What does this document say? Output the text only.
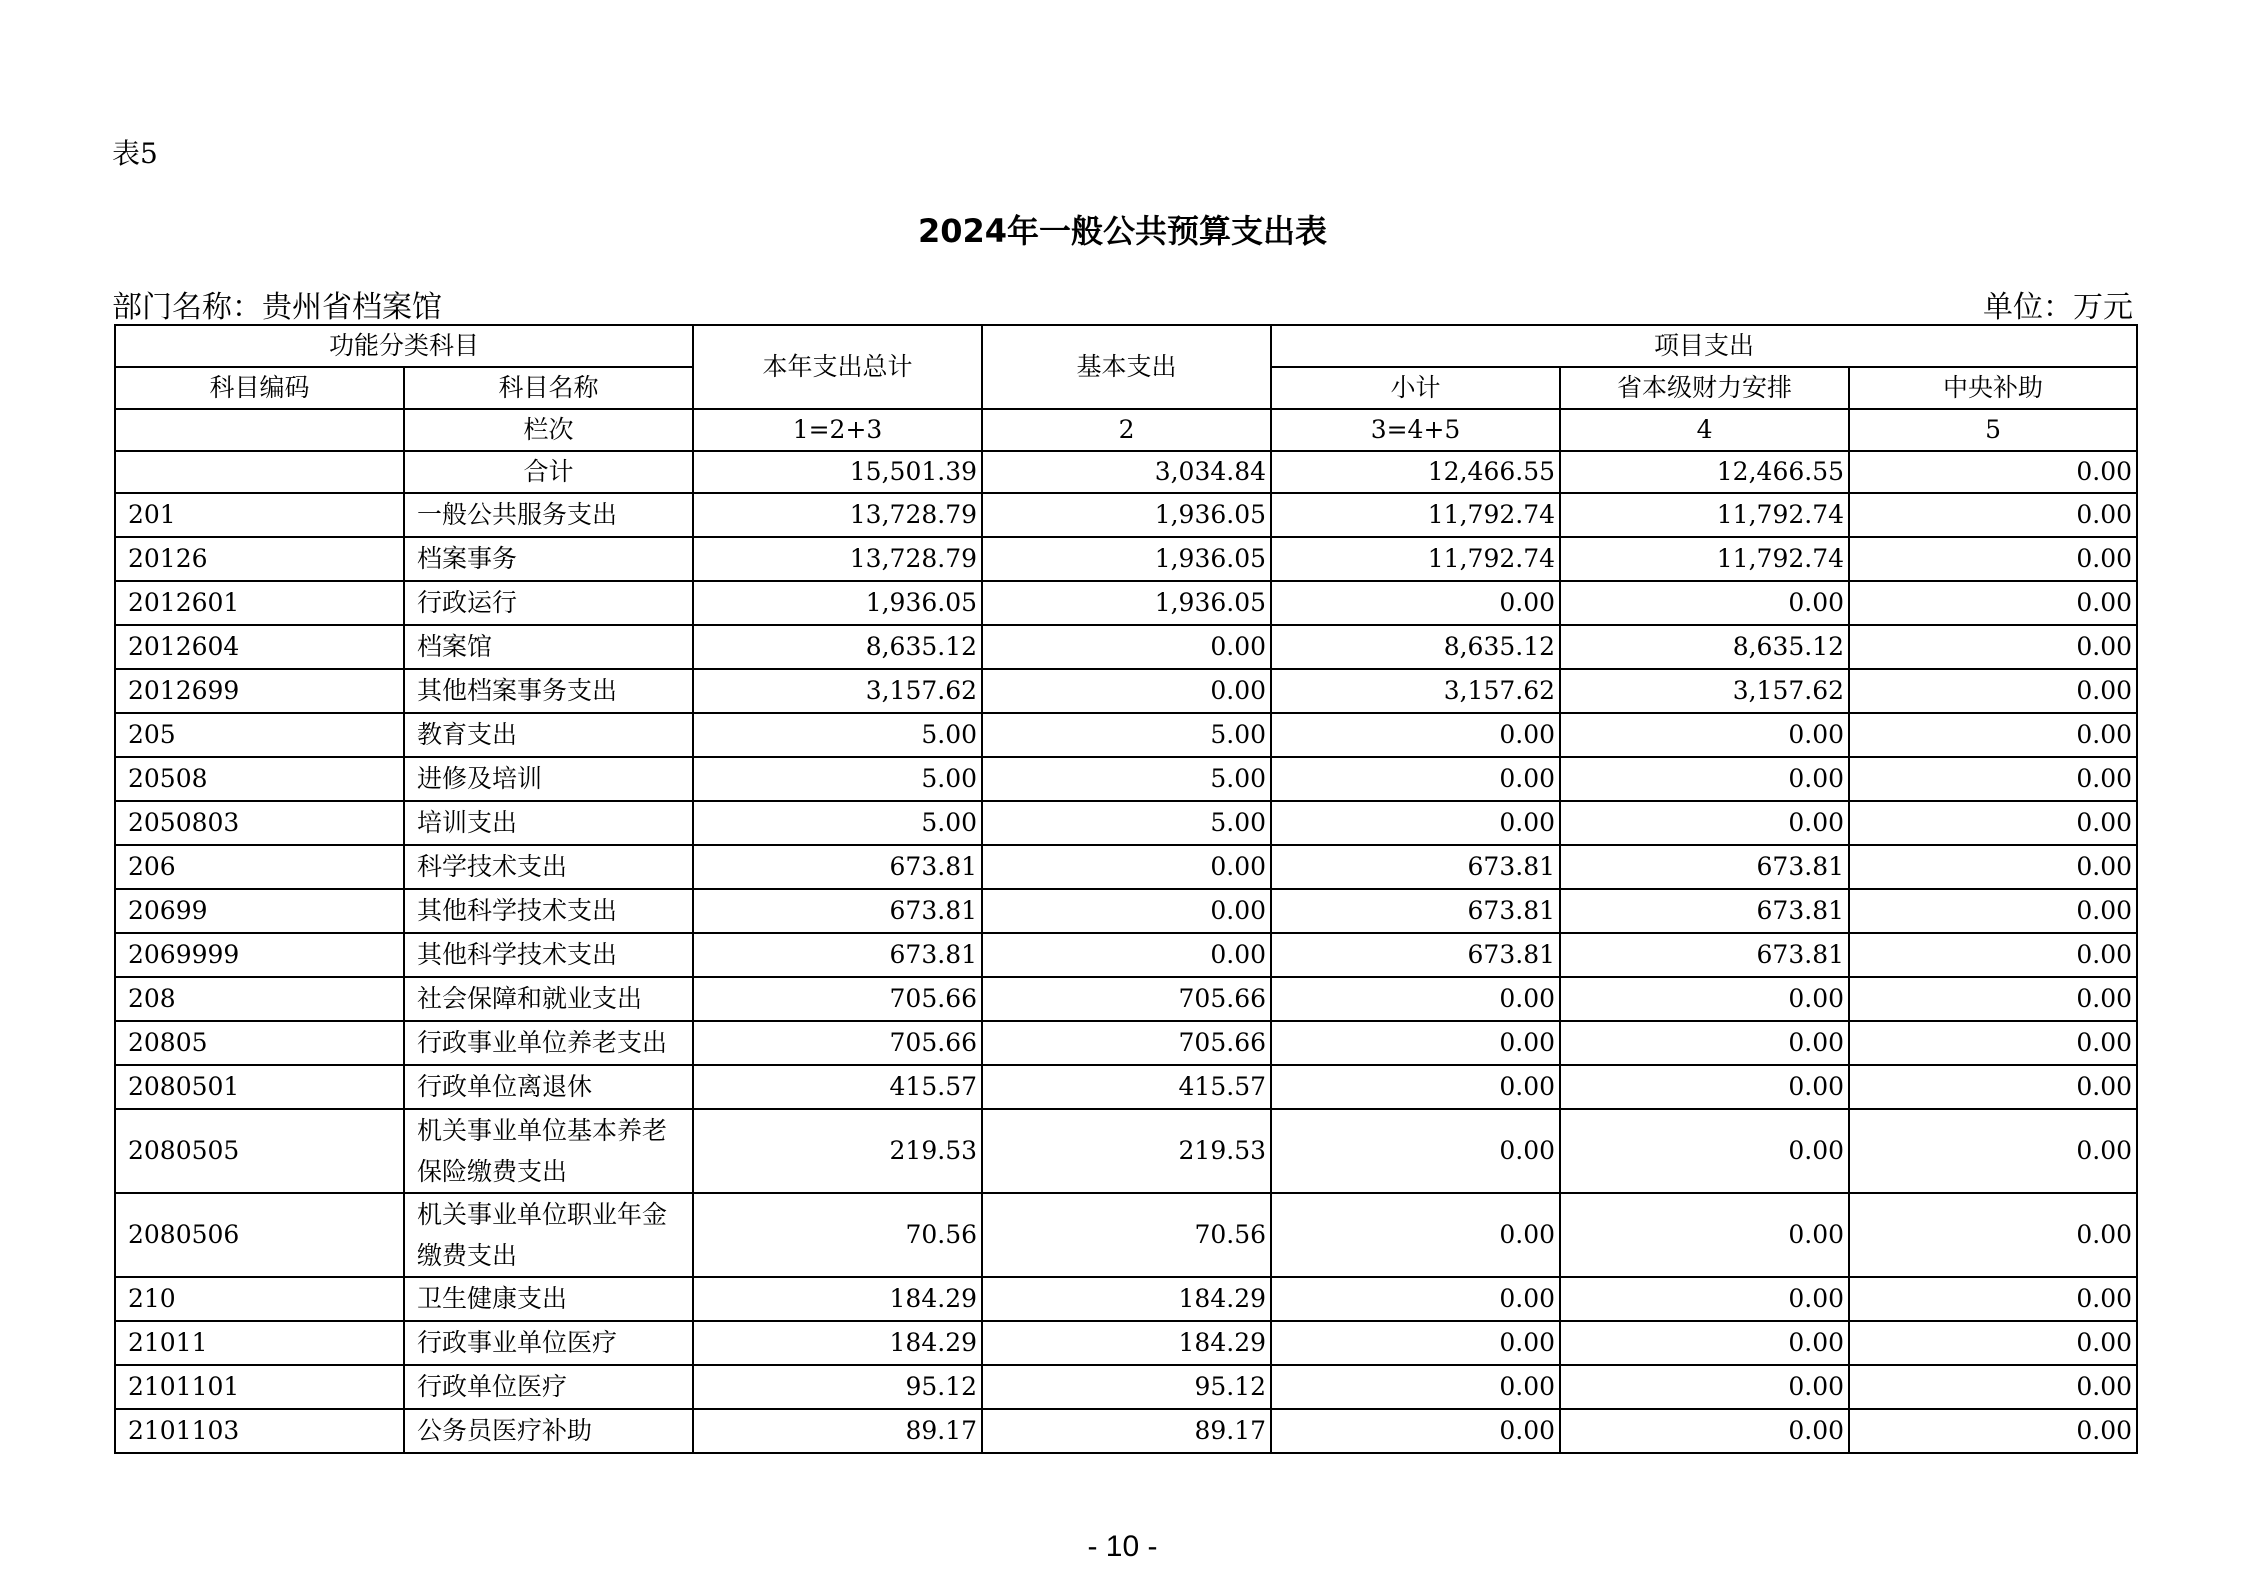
表5
2024年一般公共预算支出表
部门名称：贵州省档案馆	单位：万元
功能分类科目		本年支出总计	基本支出	项目支出		
科目编码	科目名称			小计	省本级财力安排	中央补助
	栏次	1=2+3	2	3=4+5	4	5
	合计	15,501.39	3,034.84	12,466.55	12,466.55	0.00
201	一般公共服务支出	13,728.79	1,936.05	11,792.74	11,792.74	0.00
20126	档案事务	13,728.79	1,936.05	11,792.74	11,792.74	0.00
2012601	行政运行	1,936.05	1,936.05	0.00	0.00	0.00
2012604	档案馆	8,635.12	0.00	8,635.12	8,635.12	0.00
2012699	其他档案事务支出	3,157.62	0.00	3,157.62	3,157.62	0.00
205	教育支出	5.00	5.00	0.00	0.00	0.00
20508	进修及培训	5.00	5.00	0.00	0.00	0.00
2050803	培训支出	5.00	5.00	0.00	0.00	0.00
206	科学技术支出	673.81	0.00	673.81	673.81	0.00
20699	其他科学技术支出	673.81	0.00	673.81	673.81	0.00
2069999	其他科学技术支出	673.81	0.00	673.81	673.81	0.00
208	社会保障和就业支出	705.66	705.66	0.00	0.00	0.00
20805	行政事业单位养老支出	705.66	705.66	0.00	0.00	0.00
2080501	行政单位离退休	415.57	415.57	0.00	0.00	0.00
2080505	机关事业单位基本养老保险缴费支出	219.53	219.53	0.00	0.00	0.00
2080506	机关事业单位职业年金缴费支出	70.56	70.56	0.00	0.00	0.00
210	卫生健康支出	184.29	184.29	0.00	0.00	0.00
21011	行政事业单位医疗	184.29	184.29	0.00	0.00	0.00
2101101	行政单位医疗	95.12	95.12	0.00	0.00	0.00
2101103	公务员医疗补助	89.17	89.17	0.00	0.00	0.00
- 10 -
